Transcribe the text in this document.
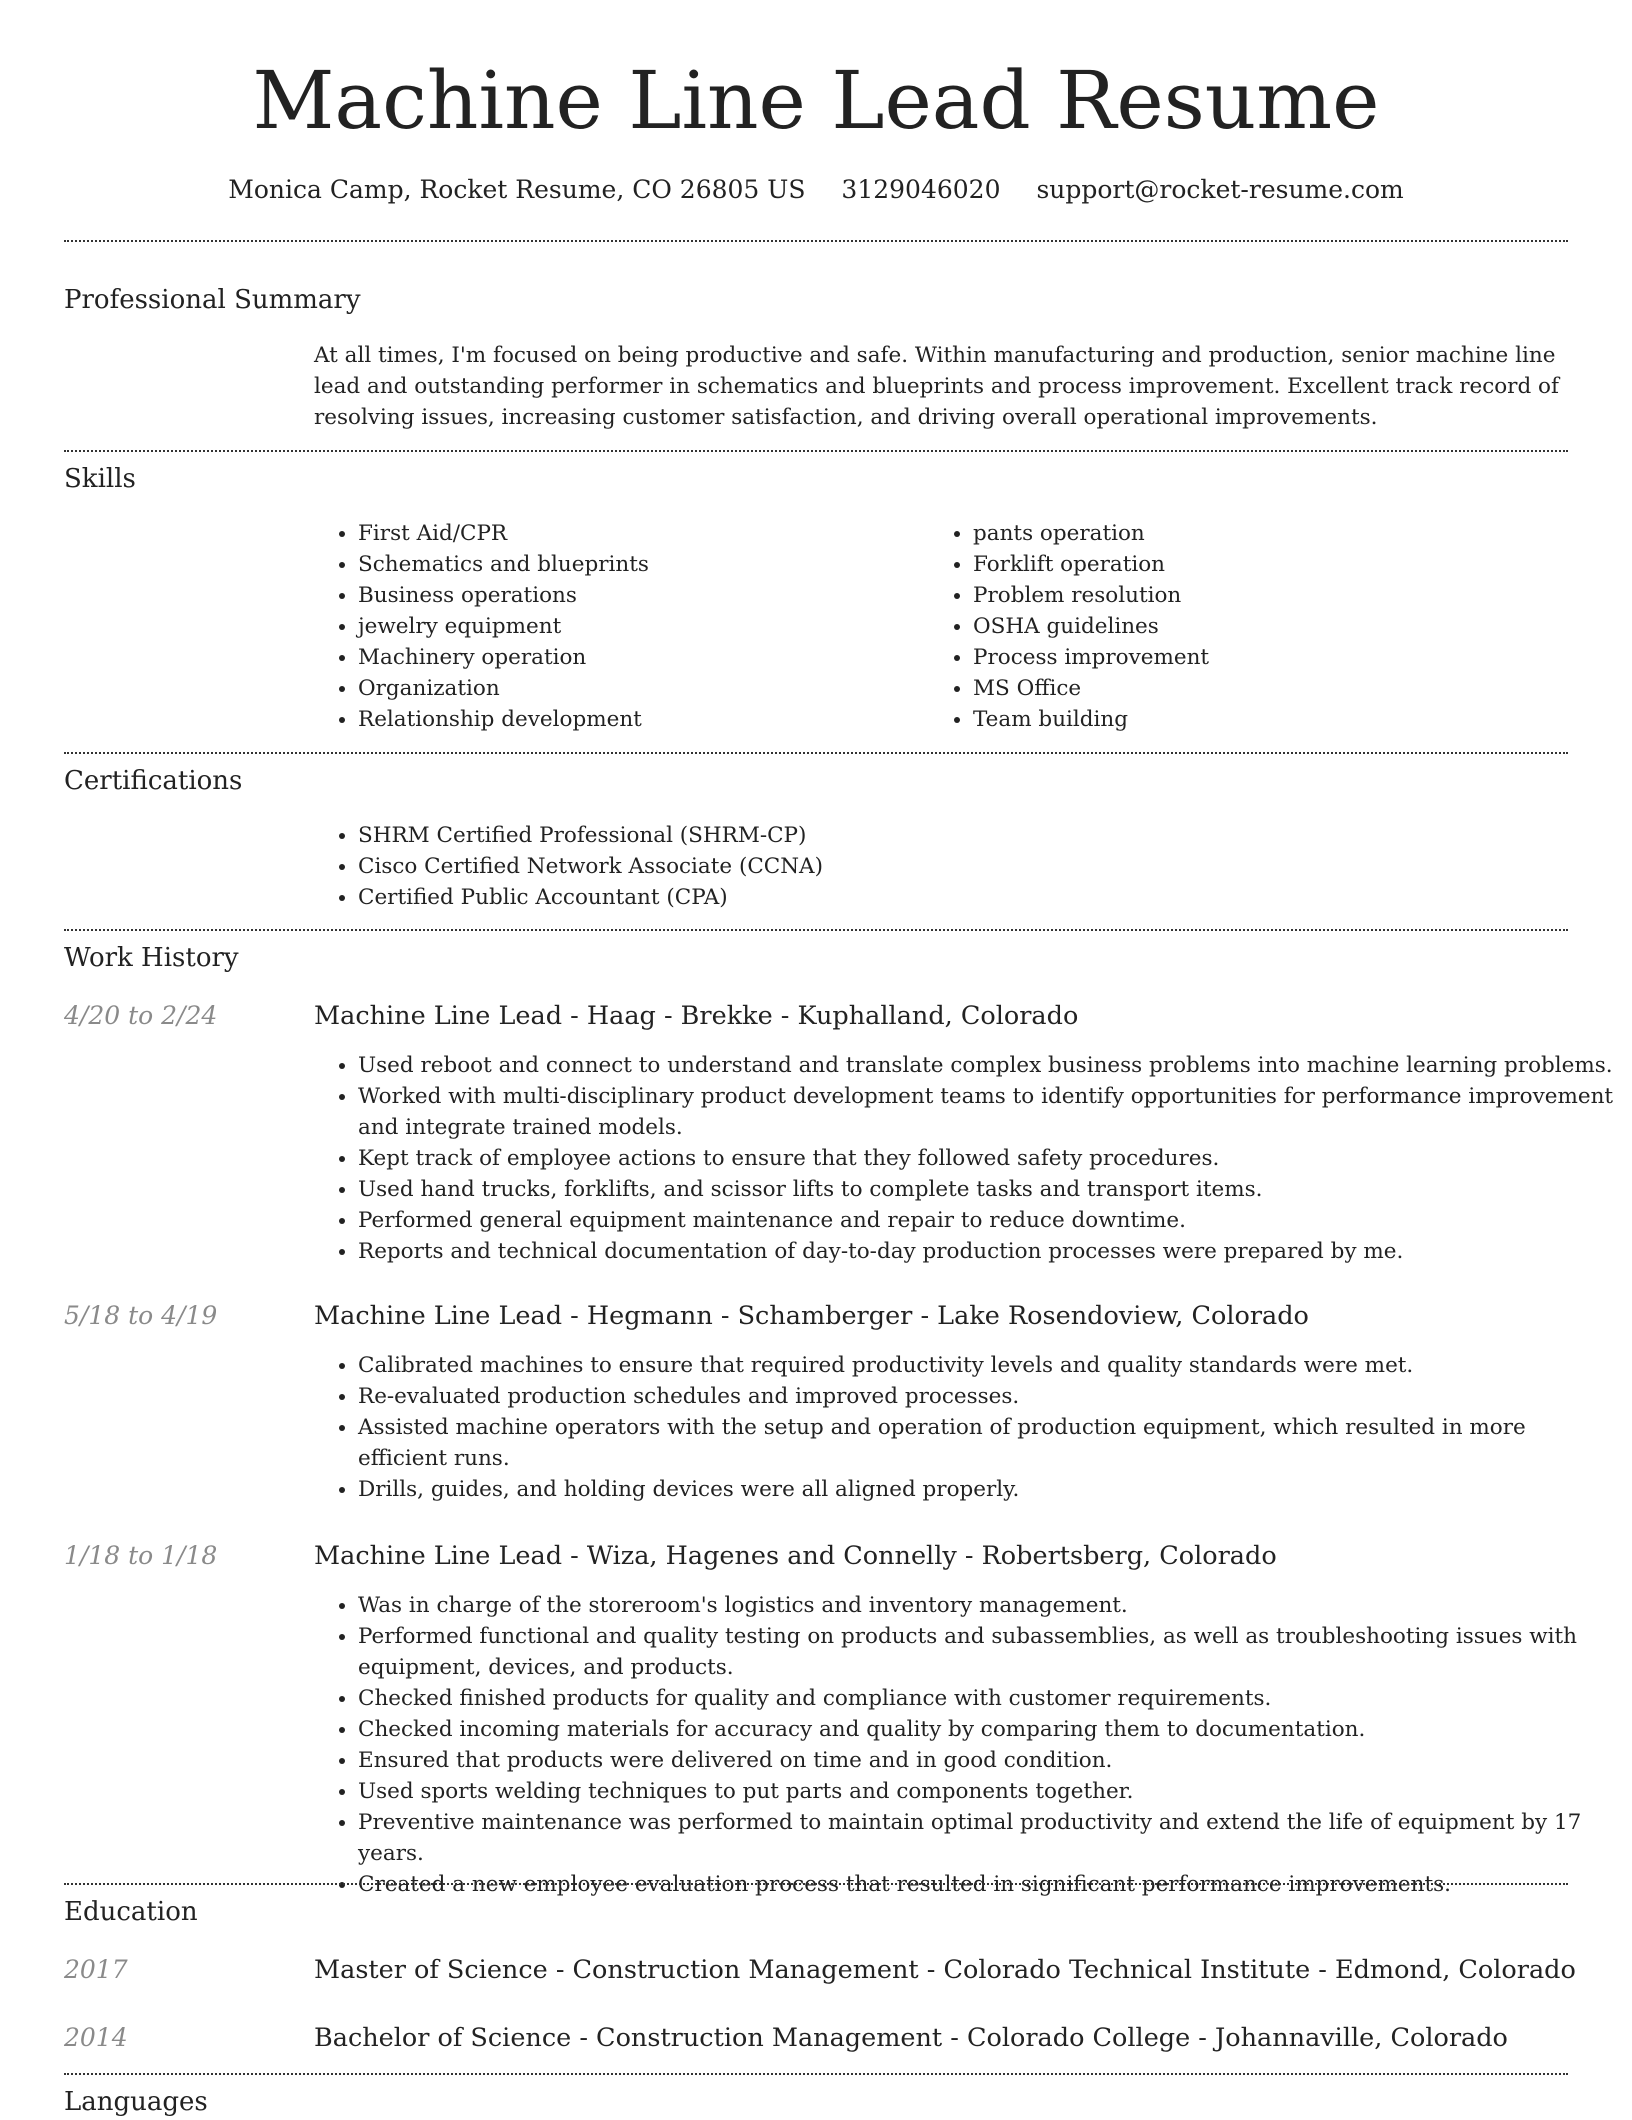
Machine Line Lead Resume
Monica Camp, Rocket Resume, CO 26805 US 3129046020 support@rocket-resume.com
Professional Summary
At all times, I'm focused on being productive and safe. Within manufacturing and production, senior machine line lead and outstanding performer in schematics and blueprints and process improvement. Excellent track record of resolving issues, increasing customer satisfaction, and driving overall operational improvements.
Skills
• First Aid/CPR
• Schematics and blueprints
• Business operations
• jewelry equipment
• Machinery operation
• Organization
• Relationship development
• pants operation
• Forklift operation
• Problem resolution
• OSHA guidelines
• Process improvement
• MS Office
• Team building
Certifications
• SHRM Certified Professional (SHRM-CP)
• Cisco Certified Network Associate (CCNA)
• Certified Public Accountant (CPA)
Work History
4/20 to 2/24	Machine Line Lead - Haag - Brekke - Kuphalland, Colorado
• Used reboot and connect to understand and translate complex business problems into machine learning problems.
• Worked with multi-disciplinary product development teams to identify opportunities for performance improvement and integrate trained models.
• Kept track of employee actions to ensure that they followed safety procedures.
• Used hand trucks, forklifts, and scissor lifts to complete tasks and transport items.
• Performed general equipment maintenance and repair to reduce downtime.
• Reports and technical documentation of day-to-day production processes were prepared by me.
5/18 to 4/19	Machine Line Lead - Hegmann - Schamberger - Lake Rosendoview, Colorado
• Calibrated machines to ensure that required productivity levels and quality standards were met.
• Re-evaluated production schedules and improved processes.
• Assisted machine operators with the setup and operation of production equipment, which resulted in more efficient runs.
• Drills, guides, and holding devices were all aligned properly.
1/18 to 1/18	Machine Line Lead - Wiza, Hagenes and Connelly - Robertsberg, Colorado
• Was in charge of the storeroom's logistics and inventory management.
• Performed functional and quality testing on products and subassemblies, as well as troubleshooting issues with equipment, devices, and products.
• Checked finished products for quality and compliance with customer requirements.
• Checked incoming materials for accuracy and quality by comparing them to documentation.
• Ensured that products were delivered on time and in good condition.
• Used sports welding techniques to put parts and components together.
• Preventive maintenance was performed to maintain optimal productivity and extend the life of equipment by 17 years.
• Created a new employee evaluation process that resulted in significant performance improvements.
Education
2017	Master of Science - Construction Management - Colorado Technical Institute - Edmond, Colorado
2014	Bachelor of Science - Construction Management - Colorado College - Johannaville, Colorado
Languages
